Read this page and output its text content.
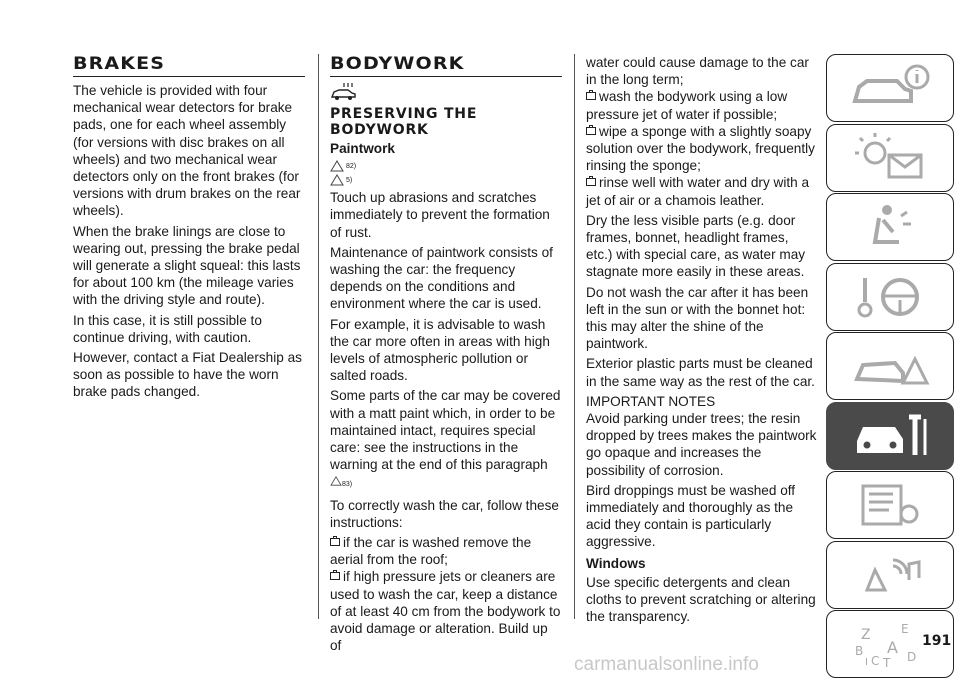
BRAKES

The vehicle is provided with four mechanical wear detectors for brake pads, one for each wheel assembly (for versions with disc brakes on all wheels) and two mechanical wear detectors only on the front brakes (for versions with drum brakes on the rear wheels).

When the brake linings are close to wearing out, pressing the brake pedal will generate a slight squeal: this lasts for about 100 km (the mileage varies with the driving style and route).

In this case, it is still possible to continue driving, with caution.

However, contact a Fiat Dealership as soon as possible to have the worn brake pads changed.

BODYWORK
PRESERVING THE
BODYWORK
Paintwork
82)
5)

Touch up abrasions and scratches immediately to prevent the formation of rust.

Maintenance of paintwork consists of washing the car: the frequency depends on the conditions and environment where the car is used.

For example, it is advisable to wash the car more often in areas with high levels of atmospheric pollution or salted roads.

Some parts of the car may be covered with a matt paint which, in order to be maintained intact, requires special care: see the instructions in the warning at the end of this paragraph 83)

To correctly wash the car, follow these instructions:

if the car is washed remove the aerial from the roof;

if high pressure jets or cleaners are used to wash the car, keep a distance of at least 40 cm from the bodywork to avoid damage or alteration. Build up of

water could cause damage to the car in the long term;

wash the bodywork using a low pressure jet of water if possible;

wipe a sponge with a slightly soapy solution over the bodywork, frequently rinsing the sponge;

rinse well with water and dry with a jet of air or a chamois leather.

Dry the less visible parts (e.g. door frames, bonnet, headlight frames, etc.) with special care, as water may stagnate more easily in these areas.

Do not wash the car after it has been left in the sun or with the bonnet hot: this may alter the shine of the paintwork.

Exterior plastic parts must be cleaned in the same way as the rest of the car.

IMPORTANT NOTES

Avoid parking under trees; the resin dropped by trees makes the paintwork go opaque and increases the possibility of corrosion.

Bird droppings must be washed off immediately and thoroughly as the acid they contain is particularly aggressive.

Windows

Use specific detergents and clean cloths to prevent scratching or altering the transparency.

Z	E
B A
C T D
I
191
carmanualsonline.info
